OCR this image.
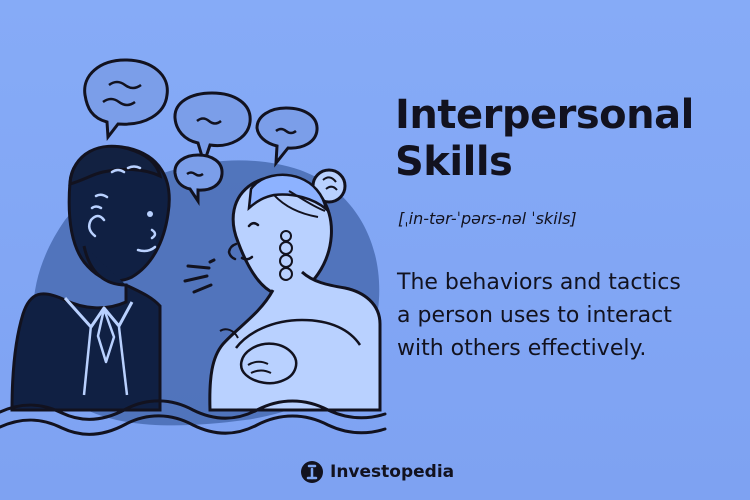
Interpersonal
Skills
[ˌin-tər-ˈpərs-nəl ˈskils]

The behaviors and tactics
a person uses to interact
with others effectively.

Investopedia
